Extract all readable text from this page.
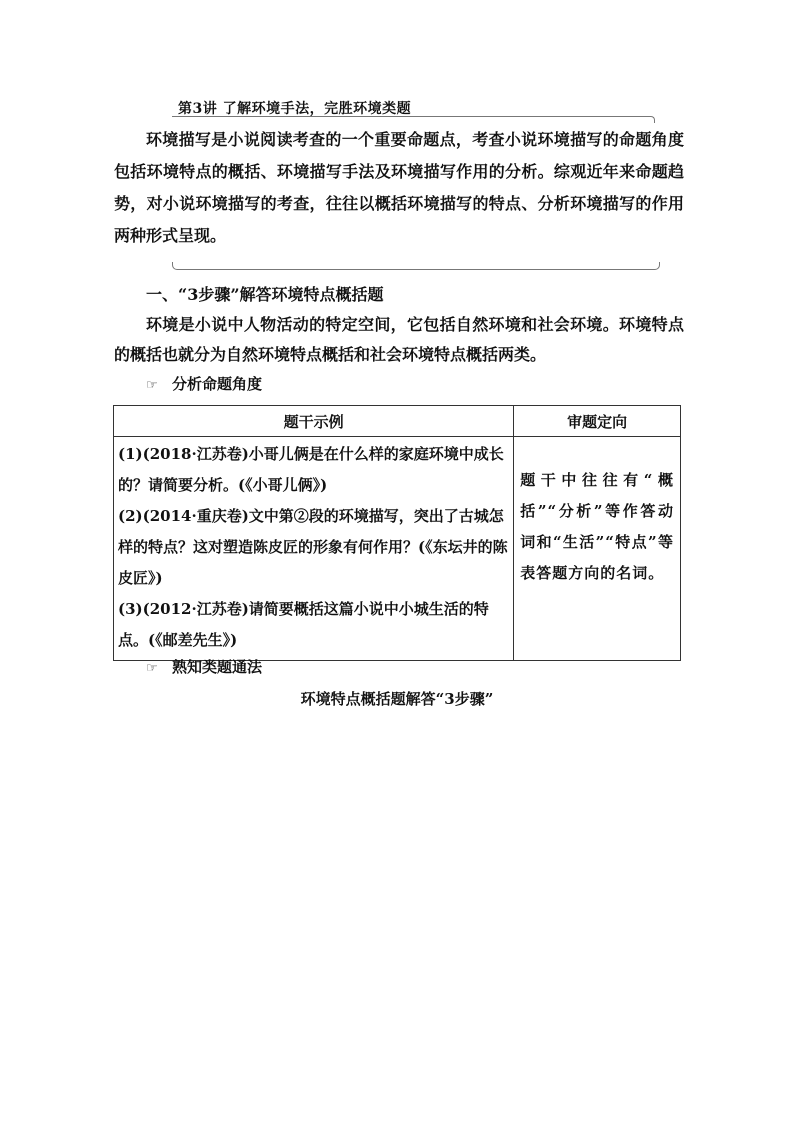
第3讲 了解环境手法，完胜环境类题
环境描写是小说阅读考查的一个重要命题点，考查小说环境描写的命题角度包括环境特点的概括、环境描写手法及环境描写作用的分析。综观近年来命题趋势，对小说环境描写的考查，往往以概括环境描写的特点、分析环境描写的作用两种形式呈现。
一、“3步骤”解答环境特点概括题
环境是小说中人物活动的特定空间，它包括自然环境和社会环境。环境特点的概括也就分为自然环境特点概括和社会环境特点概括两类。
☞ 分析命题角度
题干示例	审题定向

(1)(2018·江苏卷)小哥儿俩是在什么样的家庭环境中成长的？请简要分析。(《小哥儿俩》)
(2)(2014·重庆卷)文中第②段的环境描写，突出了古城怎样的特点？这对塑造陈皮匠的形象有何作用？(《东坛井的陈皮匠》)
(3)(2012·江苏卷)请简要概括这篇小说中小城生活的特点。(《邮差先生》)	题干中往往有“概括”“分析”等作答动词和“生活”“特点”等表答题方向的名词。
☞ 熟知类题通法
环境特点概括题解答“3步骤”
